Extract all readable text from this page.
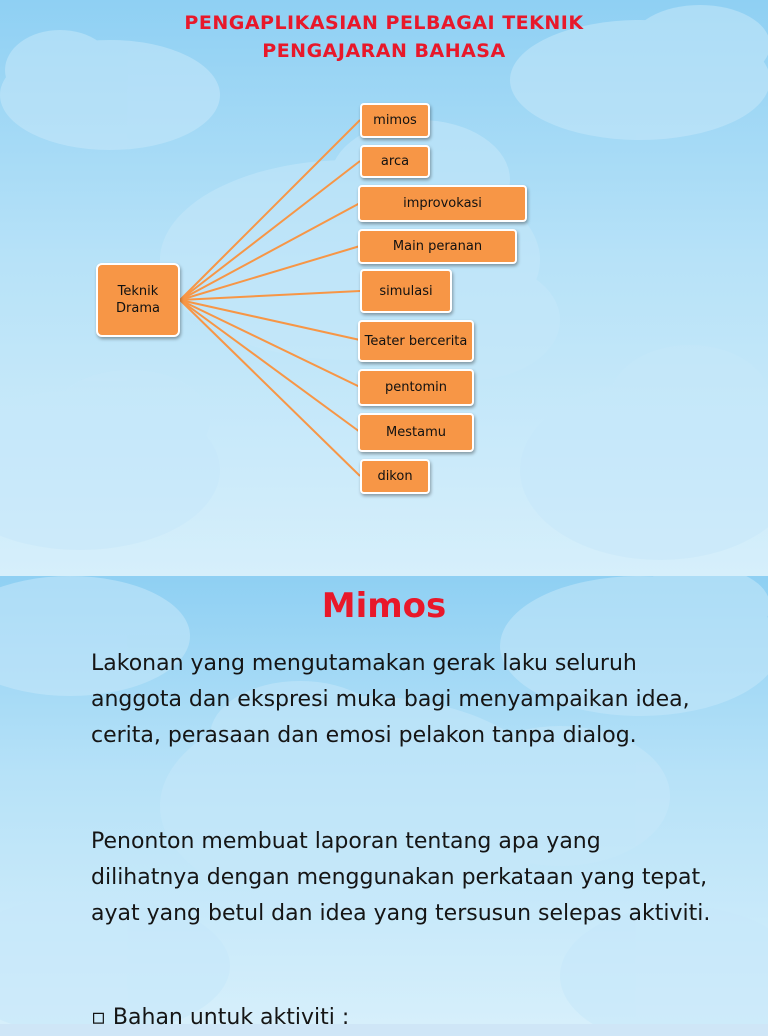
PENGAPLIKASIAN PELBAGAI TEKNIK
PENGAJARAN BAHASA
Teknik Drama
mimos
arca
improvokasi
Main peranan
simulasi
Teater bercerita
pentomin
Mestamu
dikon
Mimos
Lakonan yang mengutamakan gerak laku seluruh anggota dan ekspresi muka bagi menyampaikan idea, cerita, perasaan dan emosi pelakon tanpa dialog.
Penonton membuat laporan tentang apa yang dilihatnya dengan menggunakan perkataan yang tepat, ayat yang betul dan idea yang tersusun selepas aktiviti.
▫ Bahan untuk aktiviti :
